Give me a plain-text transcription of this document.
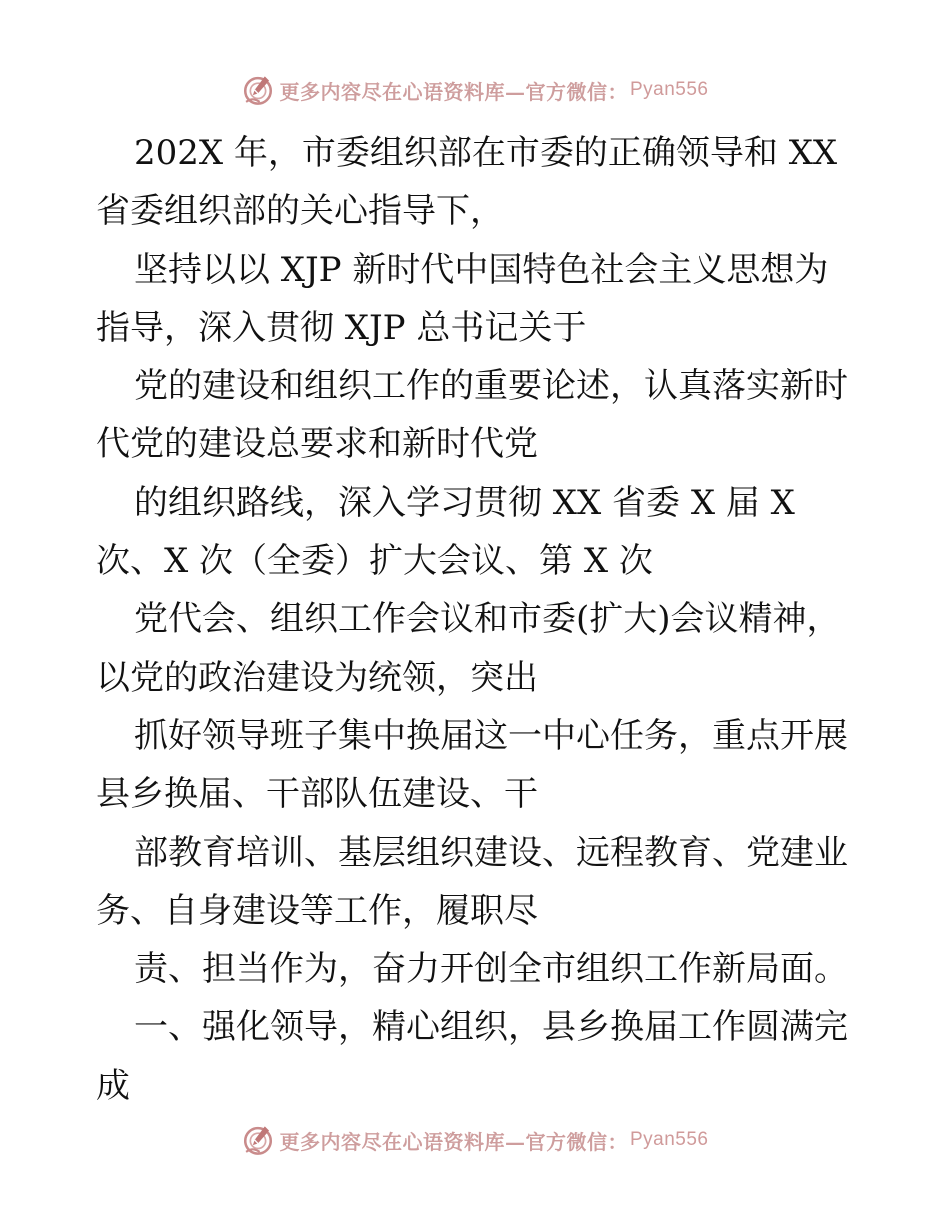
更多内容尽在心语资料库—官方微信： Pyan556
202X 年，市委组织部在市委的正确领导和 XX
省委组织部的关心指导下，
坚持以以 XJP 新时代中国特色社会主义思想为
指导，深入贯彻 XJP 总书记关于
党的建设和组织工作的重要论述，认真落实新时
代党的建设总要求和新时代党
的组织路线，深入学习贯彻 XX 省委 X 届 X
次、X 次（全委）扩大会议、第 X 次
党代会、组织工作会议和市委(扩大)会议精神，
以党的政治建设为统领，突出
抓好领导班子集中换届这一中心任务，重点开展
县乡换届、干部队伍建设、干
部教育培训、基层组织建设、远程教育、党建业
务、自身建设等工作，履职尽
责、担当作为，奋力开创全市组织工作新局面。
一、强化领导，精心组织，县乡换届工作圆满完
成
更多内容尽在心语资料库—官方微信： Pyan556
